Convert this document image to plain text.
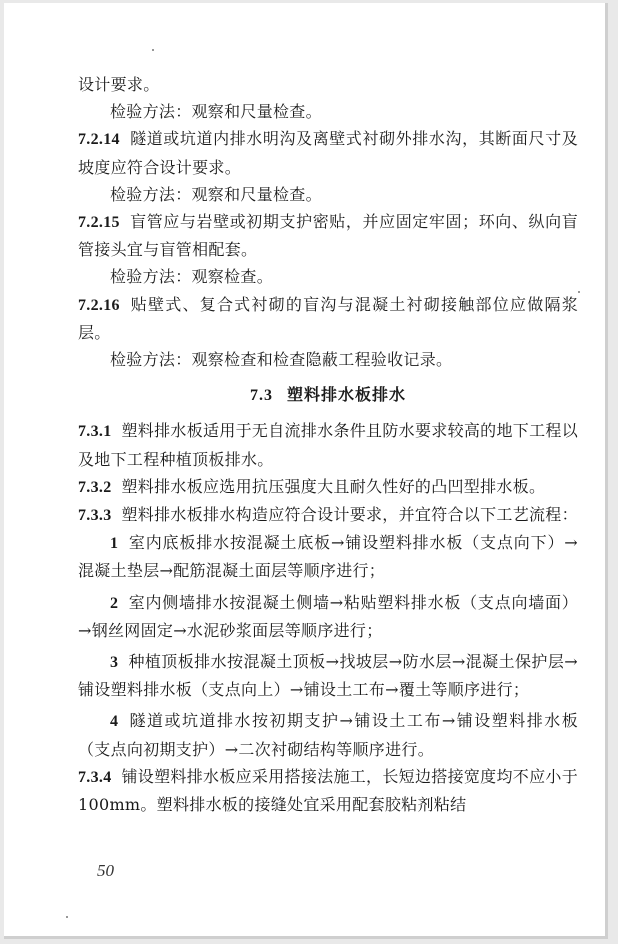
设计要求。

检验方法：观察和尺量检查。

7.2.14 隧道或坑道内排水明沟及离壁式衬砌外排水沟，其断面尺寸及坡度应符合设计要求。

检验方法：观察和尺量检查。

7.2.15 盲管应与岩壁或初期支护密贴，并应固定牢固；环向、纵向盲管接头宜与盲管相配套。

检验方法：观察检查。

7.2.16 贴壁式、复合式衬砌的盲沟与混凝土衬砌接触部位应做隔浆层。

检验方法：观察检查和检查隐蔽工程验收记录。

7.3 塑料排水板排水

7.3.1 塑料排水板适用于无自流排水条件且防水要求较高的地下工程以及地下工程种植顶板排水。

7.3.2 塑料排水板应选用抗压强度大且耐久性好的凸凹型排水板。

7.3.3 塑料排水板排水构造应符合设计要求，并宜符合以下工艺流程：

1 室内底板排水按混凝土底板→铺设塑料排水板（支点向下）→混凝土垫层→配筋混凝土面层等顺序进行；

2 室内侧墙排水按混凝土侧墙→粘贴塑料排水板（支点向墙面）→钢丝网固定→水泥砂浆面层等顺序进行；

3 种植顶板排水按混凝土顶板→找坡层→防水层→混凝土保护层→铺设塑料排水板（支点向上）→铺设土工布→覆土等顺序进行；

4 隧道或坑道排水按初期支护→铺设土工布→铺设塑料排水板（支点向初期支护）→二次衬砌结构等顺序进行。

7.3.4 铺设塑料排水板应采用搭接法施工，长短边搭接宽度均不应小于100mm。塑料排水板的接缝处宜采用配套胶粘剂粘结

50
